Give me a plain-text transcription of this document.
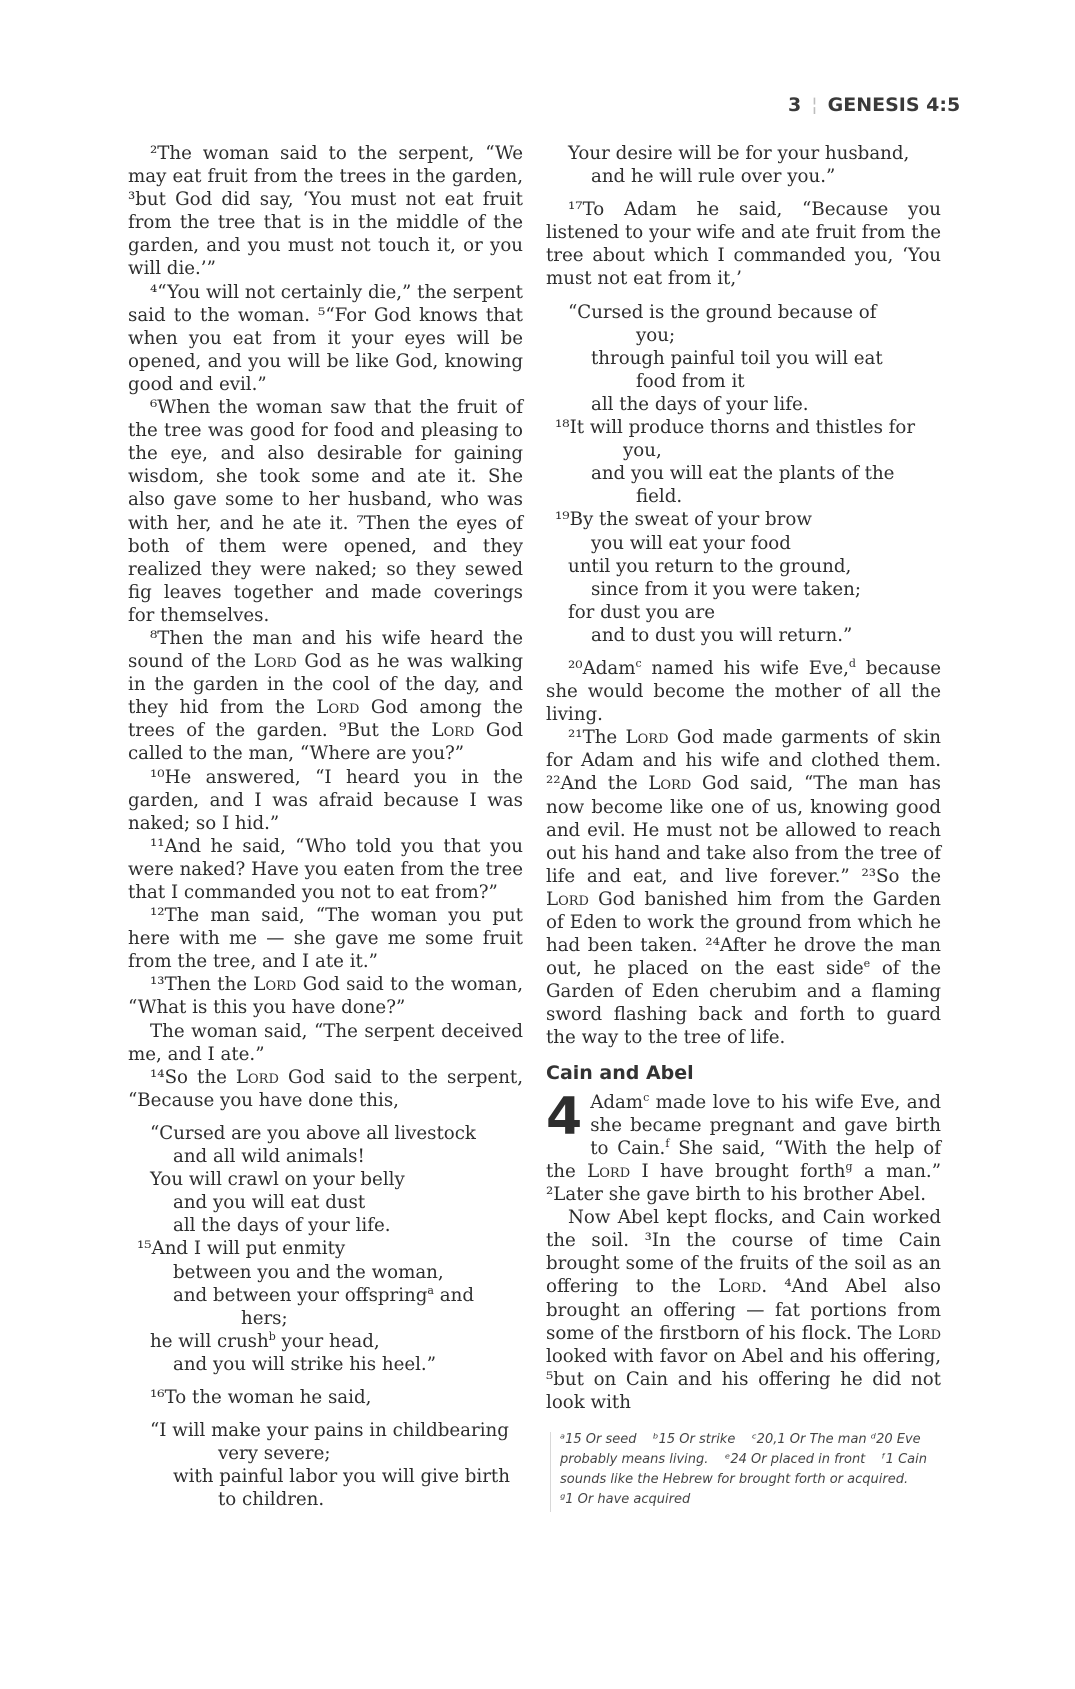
3 ¦ GENESIS 4:5

²The woman said to the serpent, “We may eat fruit from the trees in the garden, ³but God did say, ‘You must not eat fruit from the tree that is in the middle of the garden, and you must not touch it, or you will die.’”

⁴“You will not certainly die,” the serpent said to the woman. ⁵“For God knows that when you eat from it your eyes will be opened, and you will be like God, knowing good and evil.”

⁶When the woman saw that the fruit of the tree was good for food and pleasing to the eye, and also desirable for gaining wisdom, she took some and ate it. She also gave some to her husband, who was with her, and he ate it. ⁷Then the eyes of both of them were opened, and they realized they were naked; so they sewed fig leaves together and made coverings for themselves.

⁸Then the man and his wife heard the sound of the Lord God as he was walking in the garden in the cool of the day, and they hid from the Lord God among the trees of the garden. ⁹But the Lord God called to the man, “Where are you?”

¹⁰He answered, “I heard you in the garden, and I was afraid because I was naked; so I hid.”

¹¹And he said, “Who told you that you were naked? Have you eaten from the tree that I commanded you not to eat from?”

¹²The man said, “The woman you put here with me — she gave me some fruit from the tree, and I ate it.”

¹³Then the Lord God said to the woman, “What is this you have done?”

The woman said, “The serpent deceived me, and I ate.”

¹⁴So the Lord God said to the serpent, “Because you have done this,

“Cursed are you above all livestock
and all wild animals!
You will crawl on your belly
and you will eat dust
all the days of your life.
¹⁵And I will put enmity
between you and the woman,
and between your offspring$^a$ and
hers;
he will crush$^b$ your head,
and you will strike his heel.”

¹⁶To the woman he said,

“I will make your pains in childbearing
very severe;
with painful labor you will give birth
to children.
Your desire will be for your husband,
and he will rule over you.”

¹⁷To Adam he said, “Because you listened to your wife and ate fruit from the tree about which I commanded you, ‘You must not eat from it,’

“Cursed is the ground because of
you;
through painful toil you will eat
food from it
all the days of your life.
¹⁸It will produce thorns and thistles for
you,
and you will eat the plants of the
field.
¹⁹By the sweat of your brow
you will eat your food
until you return to the ground,
since from it you were taken;
for dust you are
and to dust you will return.”

²⁰Adam$^c$ named his wife Eve,$^d$ because she would become the mother of all the living.

²¹The Lord God made garments of skin for Adam and his wife and clothed them. ²²And the Lord God said, “The man has now become like one of us, knowing good and evil. He must not be allowed to reach out his hand and take also from the tree of life and eat, and live forever.” ²³So the Lord God banished him from the Garden of Eden to work the ground from which he had been taken. ²⁴After he drove the man out, he placed on the east side$^e$ of the Garden of Eden cherubim and a flaming sword flashing back and forth to guard the way to the tree of life.

Cain and Abel

4 Adam$^c$ made love to his wife Eve, and she became pregnant and gave birth to Cain.$^f$ She said, “With the help of the Lord I have brought forth$^g$ a man.” ²Later she gave birth to his brother Abel.

Now Abel kept flocks, and Cain worked the soil. ³In the course of time Cain brought some of the fruits of the soil as an offering to the Lord. ⁴And Abel also brought an offering — fat portions from some of the firstborn of his flock. The Lord looked with favor on Abel and his offering, ⁵but on Cain and his offering he did not look with

ᵃ15 Or seed ᵇ15 Or strike ᶜ20,1 Or The man ᵈ20 Eve probably means living. ᵉ24 Or placed in front ᶠ1 Cain sounds like the Hebrew for brought forth or acquired.    ᵍ1 Or have acquired
